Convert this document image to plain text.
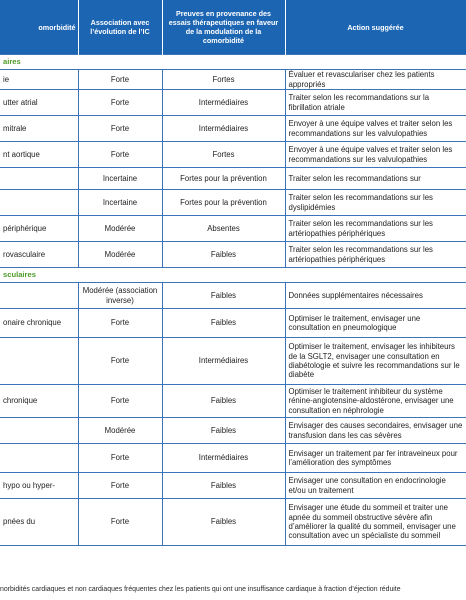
omorbidité	Association avec l’évolution de l’IC	Preuves en provenance des essais thérapeutiques en faveur de la modulation de la comorbidité	Action suggérée
aires			
ie	Forte	Fortes	Évaluer et revasculariser chez les patients appropriés
utter atrial	Forte	Intermédiaires	Traiter selon les recommandations sur la fibrillation atriale
mitrale	Forte	Intermédiaires	Envoyer à une équipe valves et traiter selon les recommandations sur les valvulopathies
nt aortique	Forte	Fortes	Envoyer à une équipe valves et traiter selon les recommandations sur les valvulopathies
	Incertaine	Fortes pour la prévention	Traiter selon les recommandations sur
	Incertaine	Fortes pour la prévention	Traiter selon les recommandations sur les dyslipidémies
périphérique	Modérée	Absentes	Traiter selon les recommandations sur les artériopathies périphériques
rovasculaire	Modérée	Faibles	Traiter selon les recommandations sur les artériopathies périphériques
sculaires			
	Modérée (association inverse)	Faibles	Données supplémentaires nécessaires
onaire chronique	Forte	Faibles	Optimiser le traitement, envisager une consultation en pneumologique
	Forte	Intermédiaires	Optimiser le traitement, envisager les inhibiteurs de la SGLT2, envisager une consultation en diabétologie et suivre les recommandations sur le diabète
chronique	Forte	Faibles	Optimiser le traitement inhibiteur du système rénine-angiotensine-aldostérone, envisager une consultation en néphrologie
	Modérée	Faibles	Envisager des causes secondaires, envisager une transfusion dans les cas sévères
	Forte	Intermédiaires	Envisager un traitement par fer intraveineux pour l’amélioration des symptômes
hypo ou hyper-	Forte	Faibles	Envisager une consultation en endocrinologie et/ou un traitement
pnées du	Forte	Faibles	Envisager une étude du sommeil et traiter une apnée du sommeil obstructive sévère afin d’améliorer la qualité du sommeil, envisager une consultation avec un spécialiste du sommeil
norbidités cardiaques et non cardiaques fréquentes chez les patients qui ont une insuffisance cardiaque à fraction d’éjection réduite
